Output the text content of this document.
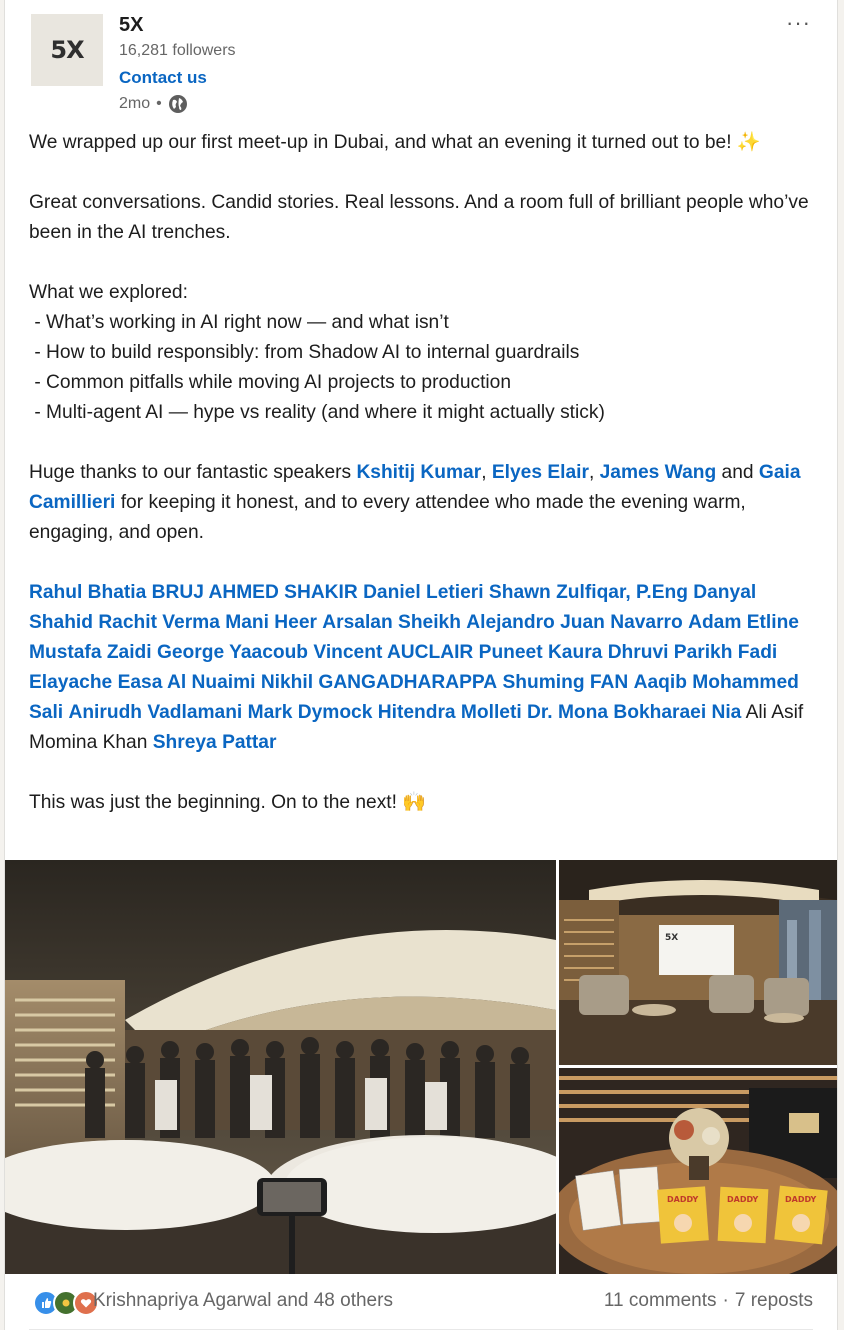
5X
5X
16,281 followers
Contact us
2mo •
···

We wrapped up our first meet-up in Dubai, and what an evening it turned out to be! ✨

Great conversations. Candid stories. Real lessons. And a room full of brilliant people who’ve been in the AI trenches.

What we explored:

- What’s working in AI right now — and what isn’t

- How to build responsibly: from Shadow AI to internal guardrails

- Common pitfalls while moving AI projects to production

- Multi-agent AI — hype vs reality (and where it might actually stick)

Huge thanks to our fantastic speakers Kshitij Kumar, Elyes Elair, James Wang and Gaia Camillieri for keeping it honest, and to every attendee who made the evening warm, engaging, and open.

Rahul Bhatia BRUJ AHMED SHAKIR Daniel Letieri Shawn Zulfiqar, P.Eng Danyal Shahid Rachit Verma Mani Heer Arsalan Sheikh Alejandro Juan Navarro Adam Etline Mustafa Zaidi George Yaacoub Vincent AUCLAIR Puneet Kaura Dhruvi Parikh Fadi Elayache Easa Al Nuaimi Nikhil GANGADHARAPPA Shuming FAN Aaqib Mohammed Sali Anirudh Vadlamani Mark Dymock Hitendra Molleti Dr. Mona Bokharaei Nia Ali Asif Momina Khan Shreya Pattar

This was just the beginning. On to the next! 🙌

5X
DADDY	DADDY	DADDY
Krishnapriya Agarwal and 48 others	11 comments · 7 reposts
